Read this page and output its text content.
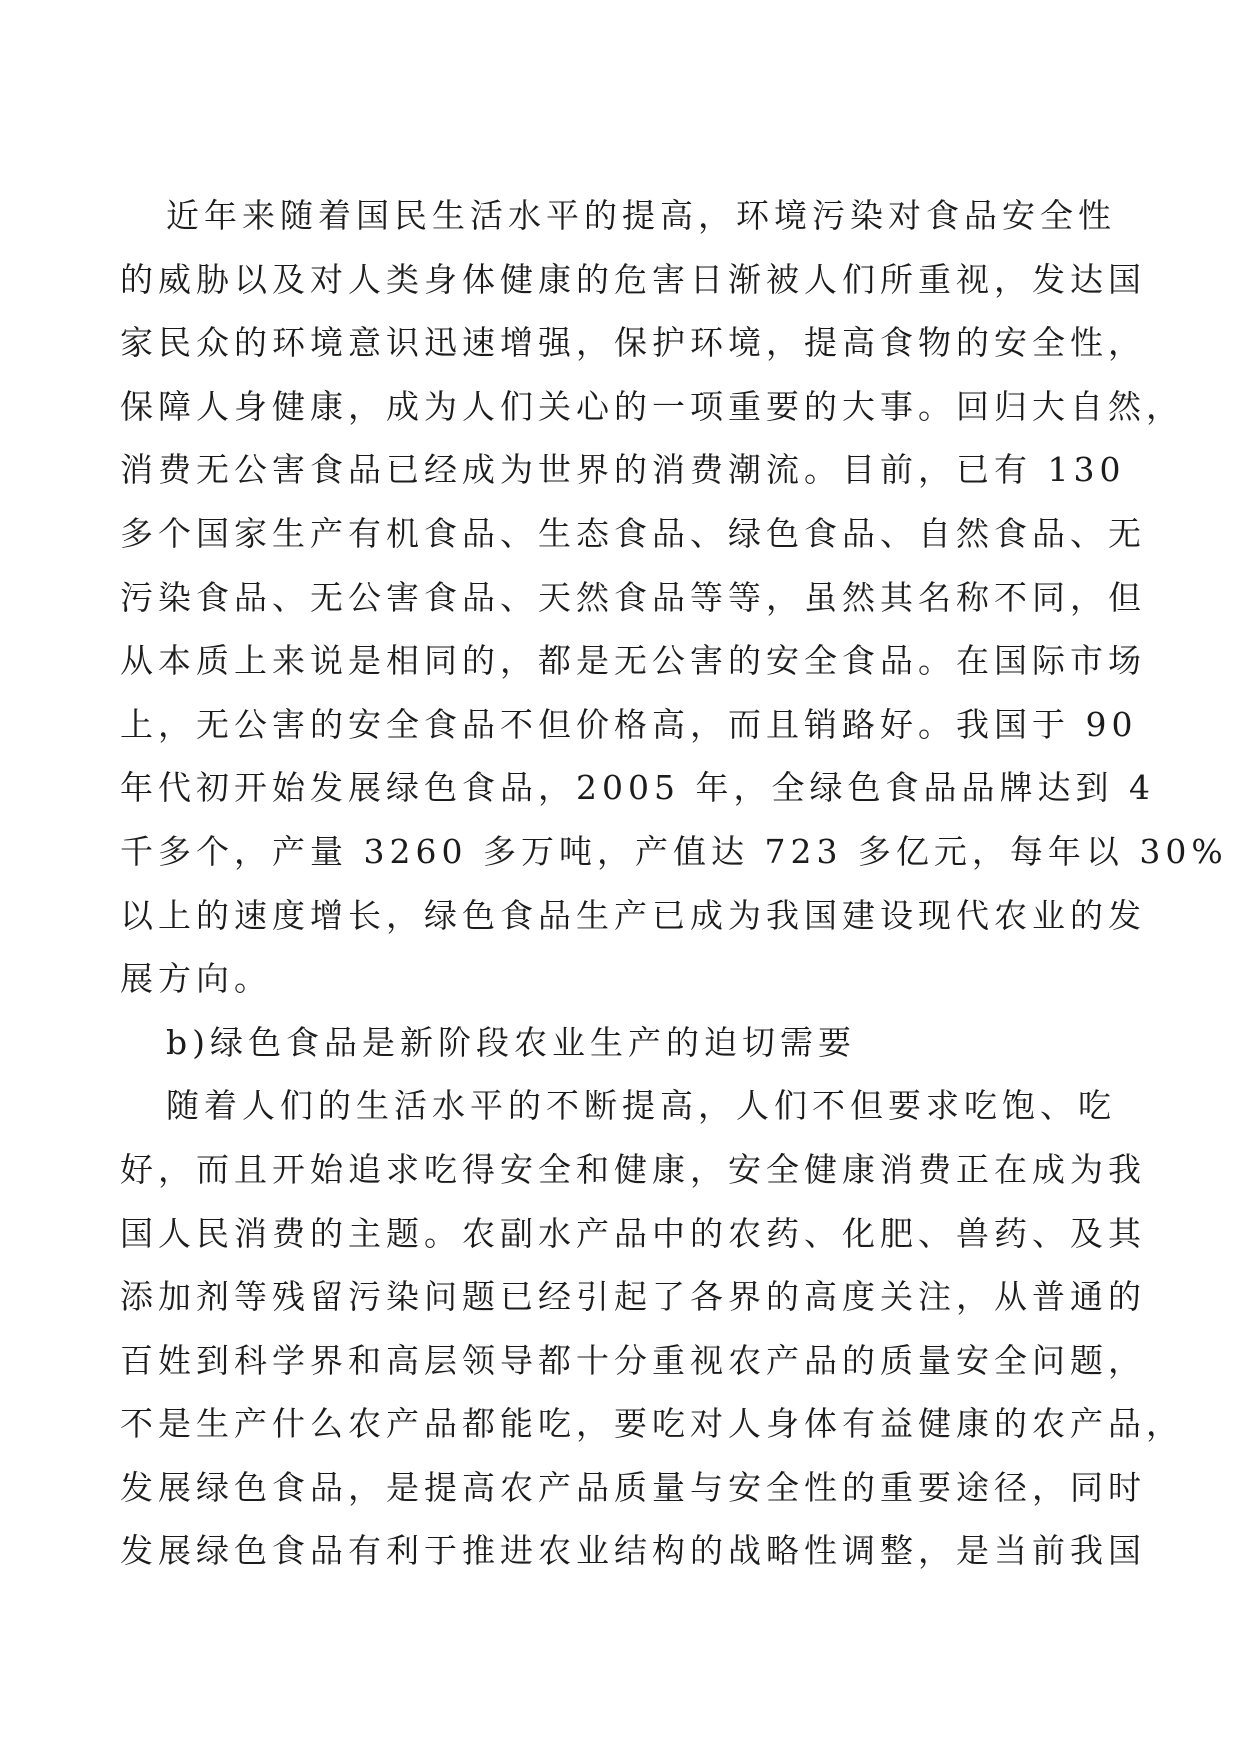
近年来随着国民生活水平的提高，环境污染对食品安全性
的威胁以及对人类身体健康的危害日渐被人们所重视，发达国
家民众的环境意识迅速增强，保护环境，提高食物的安全性，
保障人身健康，成为人们关心的一项重要的大事。回归大自然，
消费无公害食品已经成为世界的消费潮流。目前，已有 130
多个国家生产有机食品、生态食品、绿色食品、自然食品、无
污染食品、无公害食品、天然食品等等，虽然其名称不同，但
从本质上来说是相同的，都是无公害的安全食品。在国际市场
上，无公害的安全食品不但价格高，而且销路好。我国于 90
年代初开始发展绿色食品，2005 年，全绿色食品品牌达到 4
千多个，产量 3260 多万吨，产值达 723 多亿元，每年以 30%
以上的速度增长，绿色食品生产已成为我国建设现代农业的发
展方向。
b)绿色食品是新阶段农业生产的迫切需要
随着人们的生活水平的不断提高，人们不但要求吃饱、吃
好，而且开始追求吃得安全和健康，安全健康消费正在成为我
国人民消费的主题。农副水产品中的农药、化肥、兽药、及其
添加剂等残留污染问题已经引起了各界的高度关注，从普通的
百姓到科学界和高层领导都十分重视农产品的质量安全问题，
不是生产什么农产品都能吃，要吃对人身体有益健康的农产品，
发展绿色食品，是提高农产品质量与安全性的重要途径，同时
发展绿色食品有利于推进农业结构的战略性调整，是当前我国
